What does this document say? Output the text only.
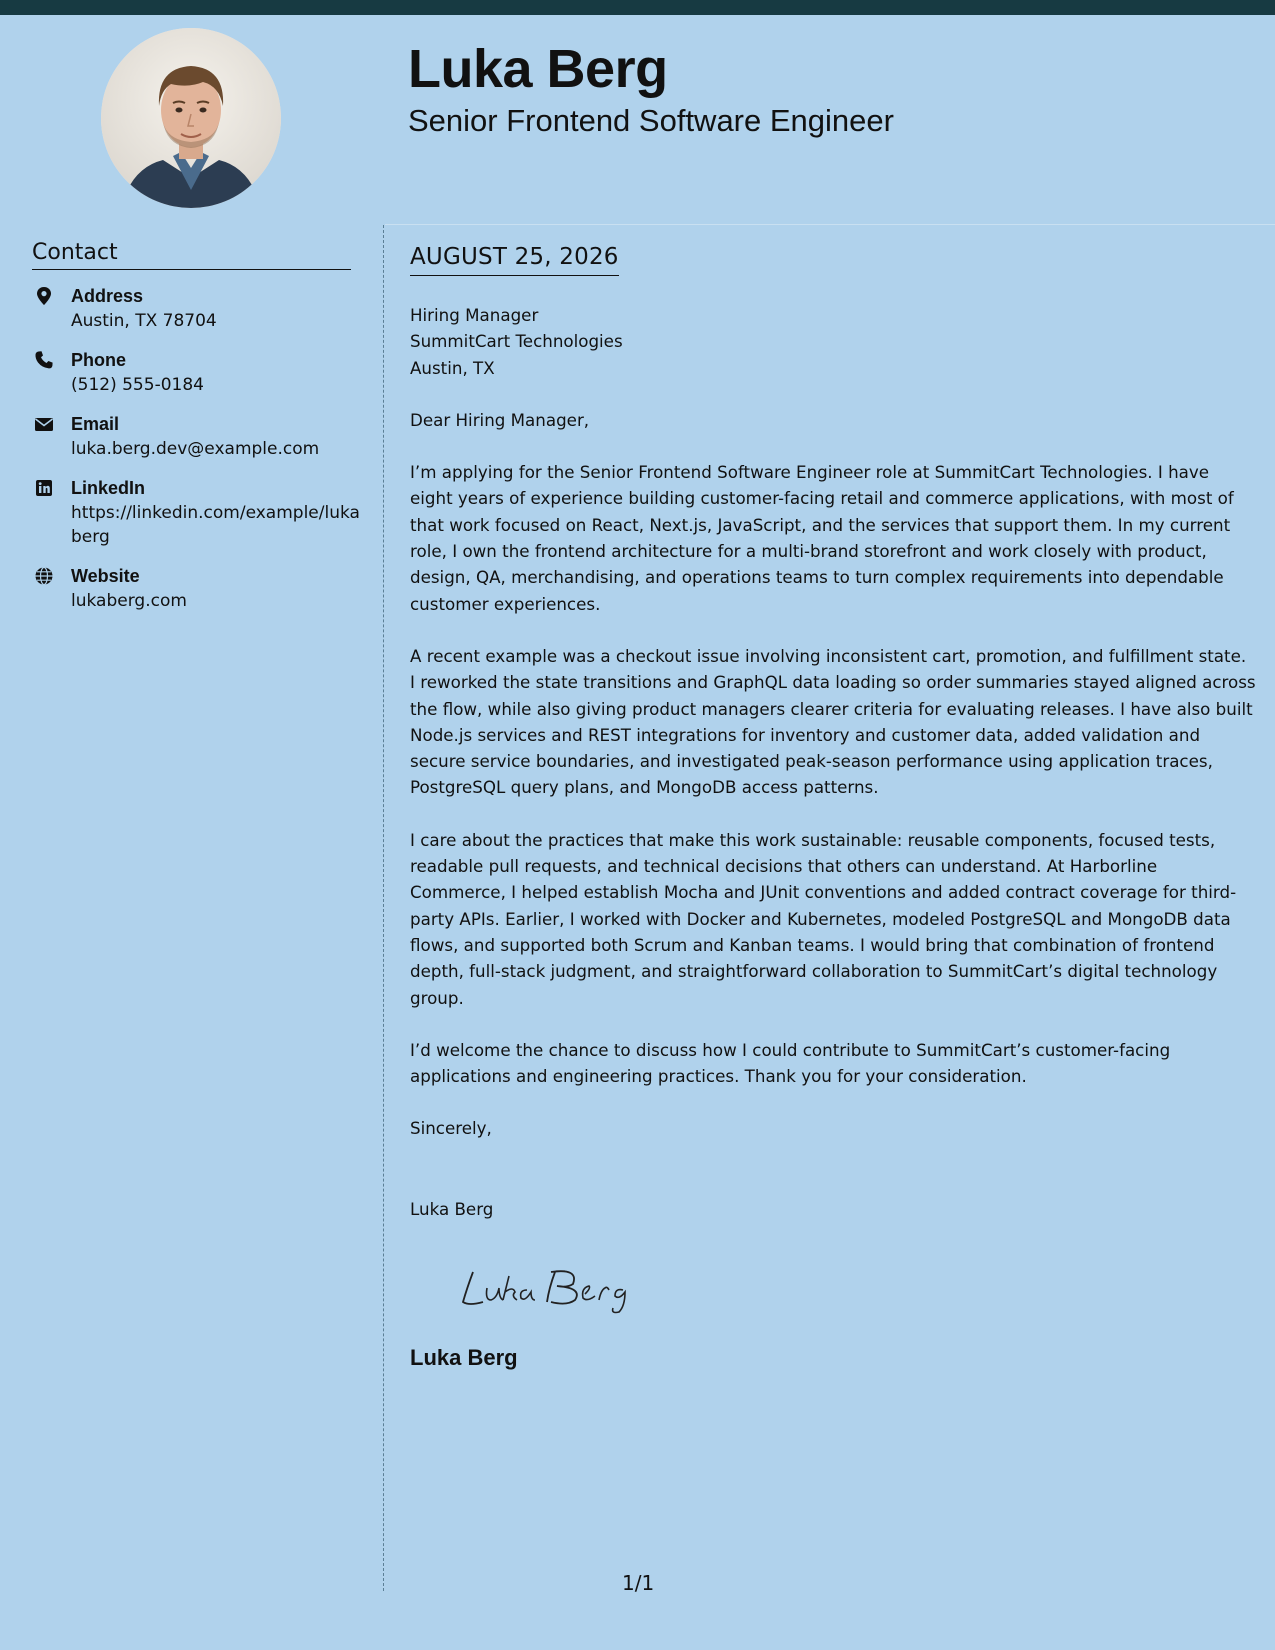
Luka Berg
Senior Frontend Software Engineer
Contact
Address
Austin, TX 78704
Phone
(512) 555-0184
Email
luka.berg.dev@example.com
LinkedIn
https://linkedin.com/example/lukaberg
Website
lukaberg.com
AUGUST 25, 2026

Hiring Manager
SummitCart Technologies
Austin, TX

Dear Hiring Manager,

I’m applying for the Senior Frontend Software Engineer role at SummitCart Technologies. I have eight years of experience building customer-facing retail and commerce applications, with most of that work focused on React, Next.js, JavaScript, and the services that support them. In my current role, I own the frontend architecture for a multi-brand storefront and work closely with product, design, QA, merchandising, and operations teams to turn complex requirements into dependable customer experiences.

A recent example was a checkout issue involving inconsistent cart, promotion, and fulfillment state. I reworked the state transitions and GraphQL data loading so order summaries stayed aligned across the flow, while also giving product managers clearer criteria for evaluating releases. I have also built Node.js services and REST integrations for inventory and customer data, added validation and secure service boundaries, and investigated peak-season performance using application traces, PostgreSQL query plans, and MongoDB access patterns.

I care about the practices that make this work sustainable: reusable components, focused tests, readable pull requests, and technical decisions that others can understand. At Harborline Commerce, I helped establish Mocha and JUnit conventions and added contract coverage for third-party APIs. Earlier, I worked with Docker and Kubernetes, modeled PostgreSQL and MongoDB data flows, and supported both Scrum and Kanban teams. I would bring that combination of frontend depth, full-stack judgment, and straightforward collaboration to SummitCart’s digital technology group.

I’d welcome the chance to discuss how I could contribute to SummitCart’s customer-facing applications and engineering practices. Thank you for your consideration.

Sincerely,

Luka Berg

Luka Berg
1/1
